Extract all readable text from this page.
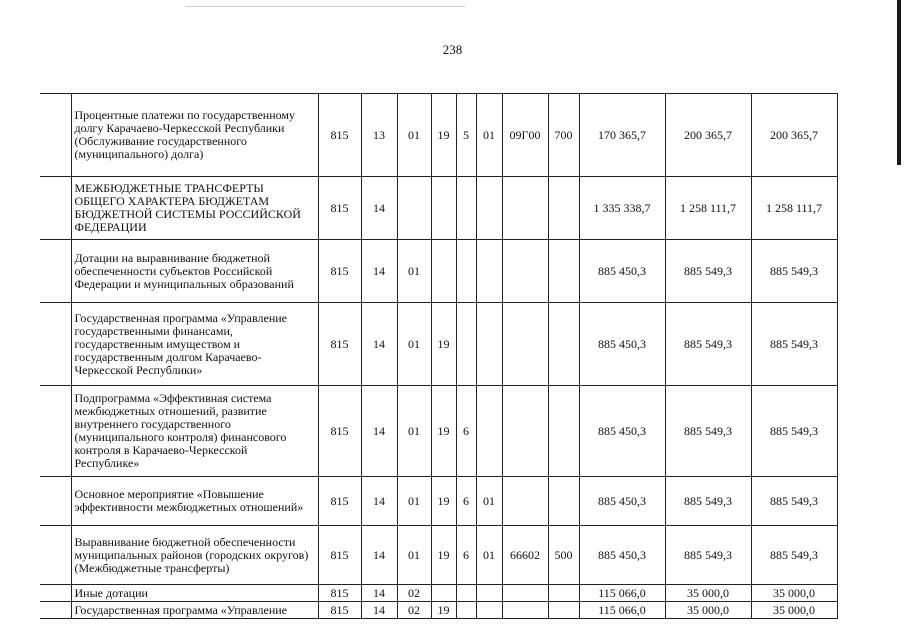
238
	Процентные платежи по государственному долгу Карачаево-Черкесской Республики (Обслуживание государственного (муниципального) долга)	815	13	01	19	5	01	09Г00	700	170 365,7	200 365,7	200 365,7
	МЕЖБЮДЖЕТНЫЕ ТРАНСФЕРТЫ ОБЩЕГО ХАРАКТЕРА БЮДЖЕТАМ БЮДЖЕТНОЙ СИСТЕМЫ РОССИЙСКОЙ ФЕДЕРАЦИИ	815	14							1 335 338,7	1 258 111,7	1 258 111,7
	Дотации на выравнивание бюджетной обеспеченности субъектов Российской Федерации и муниципальных образований	815	14	01						885 450,3	885 549,3	885 549,3
	Государственная программа «Управление государственными финансами, государственным имуществом и государственным долгом Карачаево-Черкесской Республики»	815	14	01	19					885 450,3	885 549,3	885 549,3
	Подпрограмма «Эффективная система межбюджетных отношений, развитие внутреннего государственного (муниципального контроля) финансового контроля в Карачаево-Черкесской Республике»	815	14	01	19	6				885 450,3	885 549,3	885 549,3
	Основное мероприятие «Повышение эффективности межбюджетных отношений»	815	14	01	19	6	01			885 450,3	885 549,3	885 549,3
	Выравнивание бюджетной обеспеченности муниципальных районов (городских округов) (Межбюджетные трансферты)	815	14	01	19	6	01	66602	500	885 450,3	885 549,3	885 549,3
	Иные дотации	815	14	02						115 066,0	35 000,0	35 000,0
	Государственная программа «Управление	815	14	02	19					115 066,0	35 000,0	35 000,0
